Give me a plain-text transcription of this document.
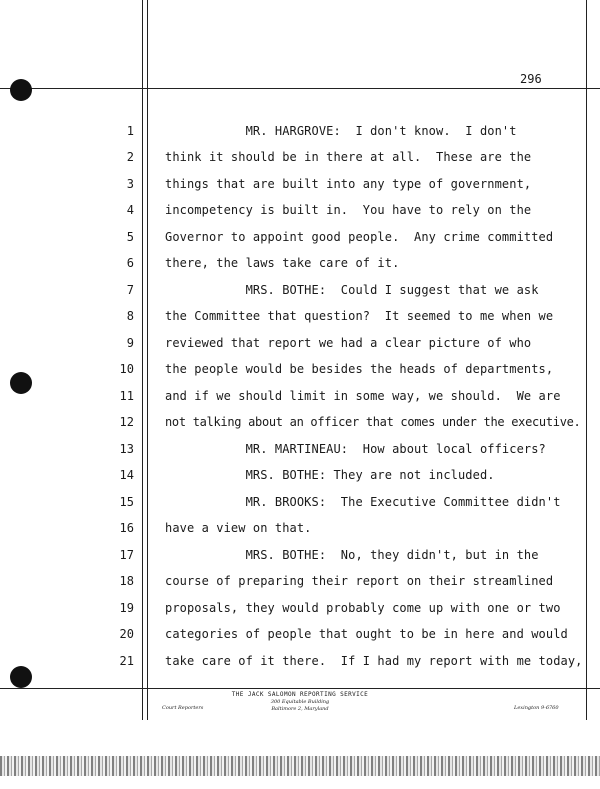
296
1	MR. HARGROVE:  I don't know.  I don't
2	think it should be in there at all.  These are the
3	things that are built into any type of government,
4	incompetency is built in.  You have to rely on the
5	Governor to appoint good people.  Any crime committed
6	there, the laws take care of it.
7	MRS. BOTHE:  Could I suggest that we ask
8	the Committee that question?  It seemed to me when we
9	reviewed that report we had a clear picture of who
10	the people would be besides the heads of departments,
11	and if we should limit in some way, we should.  We are
12	not talking about an officer that comes under the executive.
13	MR. MARTINEAU:  How about local officers?
14	MRS. BOTHE: They are not included.
15	MR. BROOKS:  The Executive Committee didn't
16	have a view on that.
17	MRS. BOTHE:  No, they didn't, but in the
18	course of preparing their report on their streamlined
19	proposals, they would probably come up with one or two
20	categories of people that ought to be in here and would
21	take care of it there.  If I had my report with me today,
THE JACK SALOMON REPORTING SERVICE
300 Equitable Building
Baltimore 2, Maryland
Court Reporters	Lexington 9-6760
